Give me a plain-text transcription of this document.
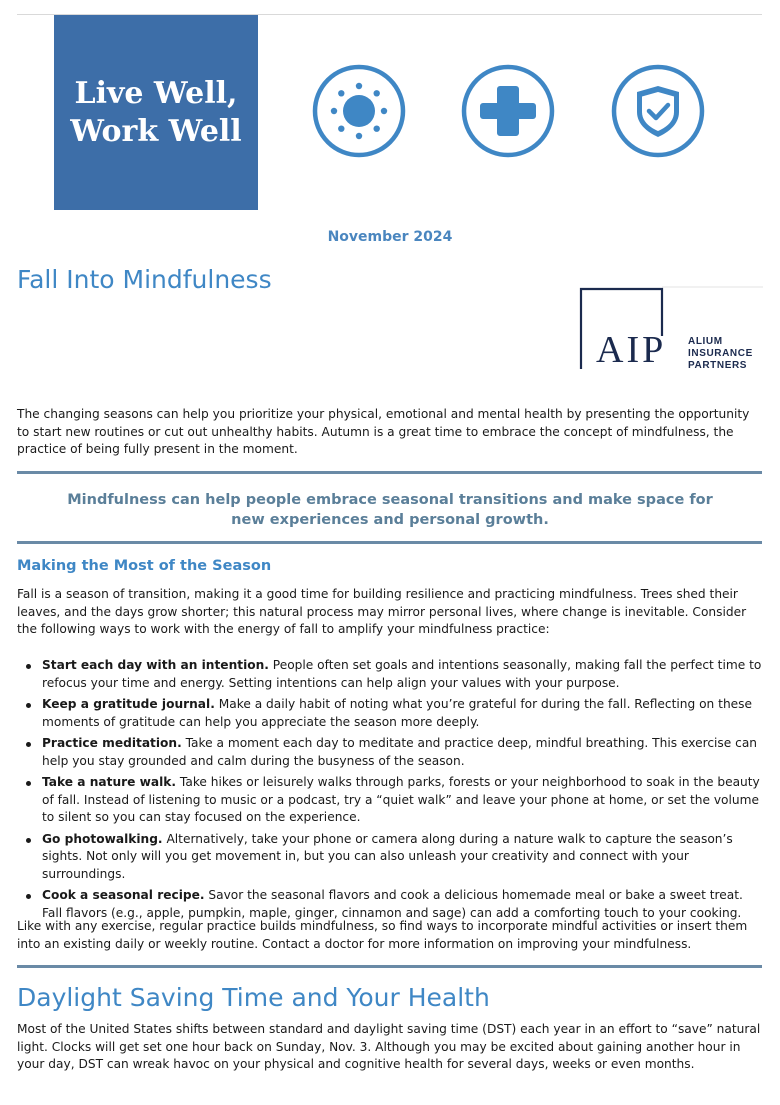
Live Well,
Work Well
November 2024
Fall Into Mindfulness
AIP ALIUM
INSURANCE
PARTNERS

The changing seasons can help you prioritize your physical, emotional and mental health by presenting the opportunity to start new routines or cut out unhealthy habits. Autumn is a great time to embrace the concept of mindfulness, the practice of being fully present in the moment.

Mindfulness can help people embrace seasonal transitions and make space for new experiences and personal growth.
Making the Most of the Season

Fall is a season of transition, making it a good time for building resilience and practicing mindfulness. Trees shed their leaves, and the days grow shorter; this natural process may mirror personal lives, where change is inevitable. Consider the following ways to work with the energy of fall to amplify your mindfulness practice:

Start each day with an intention. People often set goals and intentions seasonally, making fall the perfect time to refocus your time and energy. Setting intentions can help align your values with your purpose.
Keep a gratitude journal. Make a daily habit of noting what you’re grateful for during the fall. Reflecting on these moments of gratitude can help you appreciate the season more deeply.
Practice meditation. Take a moment each day to meditate and practice deep, mindful breathing. This exercise can help you stay grounded and calm during the busyness of the season.
Take a nature walk. Take hikes or leisurely walks through parks, forests or your neighborhood to soak in the beauty of fall. Instead of listening to music or a podcast, try a “quiet walk” and leave your phone at home, or set the volume to silent so you can stay focused on the experience.
Go photowalking. Alternatively, take your phone or camera along during a nature walk to capture the season’s sights. Not only will you get movement in, but you can also unleash your creativity and connect with your surroundings.
Cook a seasonal recipe. Savor the seasonal flavors and cook a delicious homemade meal or bake a sweet treat. Fall flavors (e.g., apple, pumpkin, maple, ginger, cinnamon and sage) can add a comforting touch to your cooking.

Like with any exercise, regular practice builds mindfulness, so find ways to incorporate mindful activities or insert them into an existing daily or weekly routine. Contact a doctor for more information on improving your mindfulness.

Daylight Saving Time and Your Health

Most of the United States shifts between standard and daylight saving time (DST) each year in an effort to “save” natural light. Clocks will get set one hour back on Sunday, Nov. 3. Although you may be excited about gaining another hour in your day, DST can wreak havoc on your physical and cognitive health for several days, weeks or even months.
